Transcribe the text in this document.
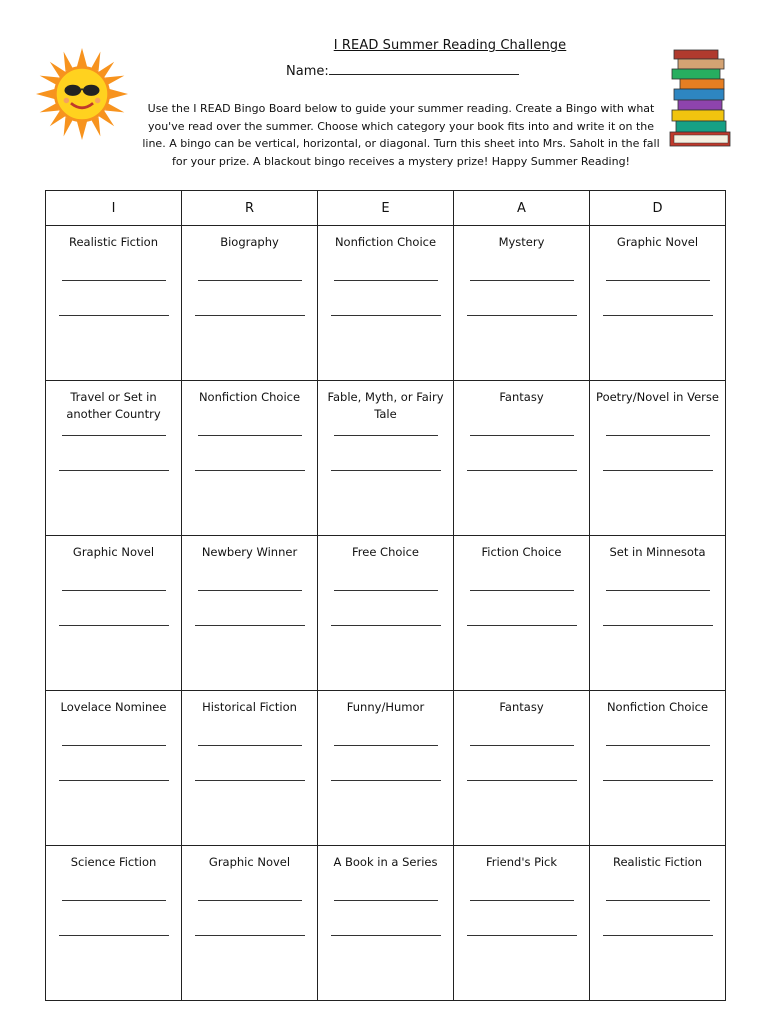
I READ Summer Reading Challenge
Name:
Use the I READ Bingo Board below to guide your summer reading. Create a Bingo with what you've read over the summer. Choose which category your book fits into and write it on the line. A bingo can be vertical, horizontal, or diagonal. Turn this sheet into Mrs. Saholt in the fall for your prize. A blackout bingo receives a mystery prize! Happy Summer Reading!
I	R	E	A	D

Realistic Fiction	Biography	Nonfiction Choice	Mystery	Graphic Novel

Travel or Set in another Country	Nonfiction Choice	Fable, Myth, or Fairy Tale	Fantasy	Poetry/Novel in Verse

Graphic Novel	Newbery Winner	Free Choice	Fiction Choice	Set in Minnesota

Lovelace Nominee	Historical Fiction	Funny/Humor	Fantasy	Nonfiction Choice

Science Fiction	Graphic Novel	A Book in a Series	Friend's Pick	Realistic Fiction
